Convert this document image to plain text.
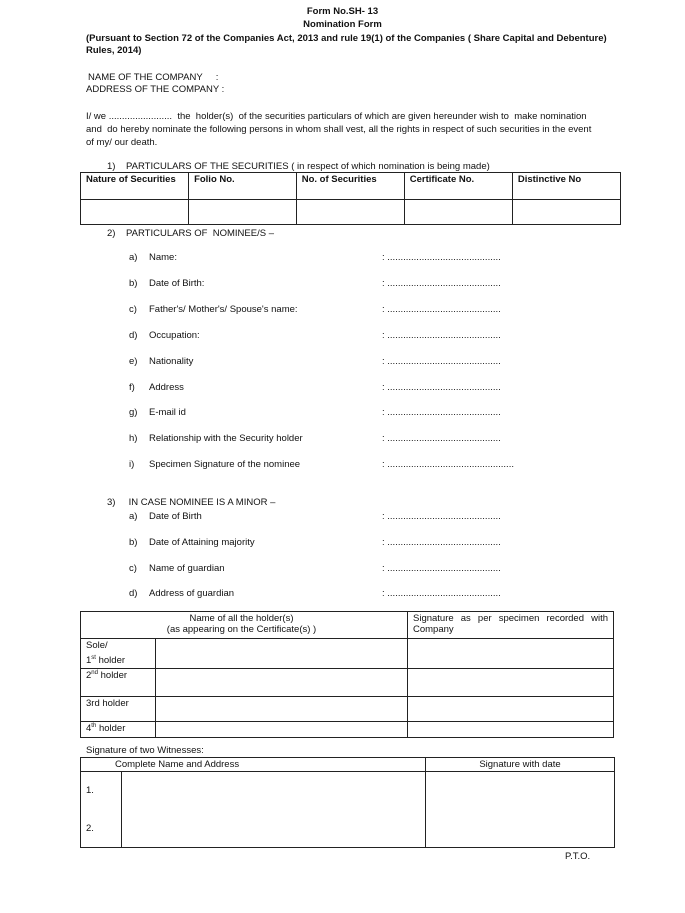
Form No.SH- 13
Nomination Form
(Pursuant to Section 72 of the Companies Act, 2013 and rule 19(1) of the Companies ( Share Capital and Debenture)
Rules, 2014)
NAME OF THE COMPANY     :
ADDRESS OF THE COMPANY :
I/ we ........................  the  holder(s)  of the securities particulars of which are given hereunder wish to  make nomination
and  do hereby nominate the following persons in whom shall vest, all the rights in respect of such securities in the event
of my/ our death.
1)    PARTICULARS OF THE SECURITIES ( in respect of which nomination is being made)
Nature of Securities	Folio No.	No. of Securities	Certificate No.	Distinctive No

2)    PARTICULARS OF  NOMINEE/S –
a) Name:	: ...........................................
b) Date of Birth:	: ...........................................
c) Father's/ Mother's/ Spouse's name:	: ...........................................
d) Occupation:	: ...........................................
e) Nationality	: ...........................................
f) Address	: ...........................................
g) E-mail id	: ...........................................
h) Relationship with the Security holder	: ...........................................
i) Specimen Signature of the nominee	: ................................................
3)     IN CASE NOMINEE IS A MINOR –
a) Date of Birth	: ...........................................
b) Date of Attaining majority	: ...........................................
c) Name of guardian	: ...........................................
d) Address of guardian	: ...........................................
Name of all the holder(s)
(as appearing on the Certificate(s) )		Signature as per specimen recorded with Company

Sole/
1st holder		

2nd holder		
3rd holder		
4th holder		
Signature of two Witnesses:
Complete Name and Address		Signature with date
1.		
2.		
P.T.O.
